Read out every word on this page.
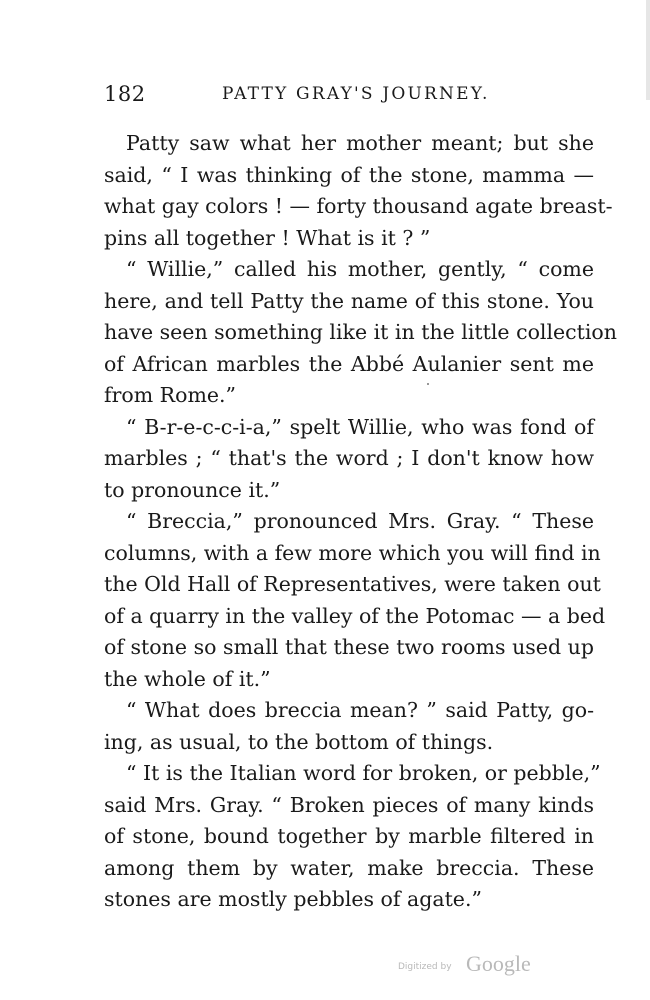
182	PATTY GRAY'S JOURNEY.
Patty saw what her mother meant; but she
said, “ I was thinking of the stone, mamma —
what gay colors ! — forty thousand agate breast-
pins all together ! What is it ? ”
“ Willie,” called his mother, gently, “ come
here, and tell Patty the name of this stone. You
have seen something like it in the little collection
of African marbles the Abbé Aulanier sent me
from Rome.”
“ B-r-e-c-c-i-a,” spelt Willie, who was fond of
marbles ; “ that's the word ; I don't know how
to pronounce it.”
“ Breccia,” pronounced Mrs. Gray. “ These
columns, with a few more which you will find in
the Old Hall of Representatives, were taken out
of a quarry in the valley of the Potomac — a bed
of stone so small that these two rooms used up
the whole of it.”
“ What does breccia mean? ” said Patty, go-
ing, as usual, to the bottom of things.
“ It is the Italian word for broken, or pebble,”
said Mrs. Gray. “ Broken pieces of many kinds
of stone, bound together by marble filtered in
among them by water, make breccia. These
stones are mostly pebbles of agate.”
Digitized by Google
